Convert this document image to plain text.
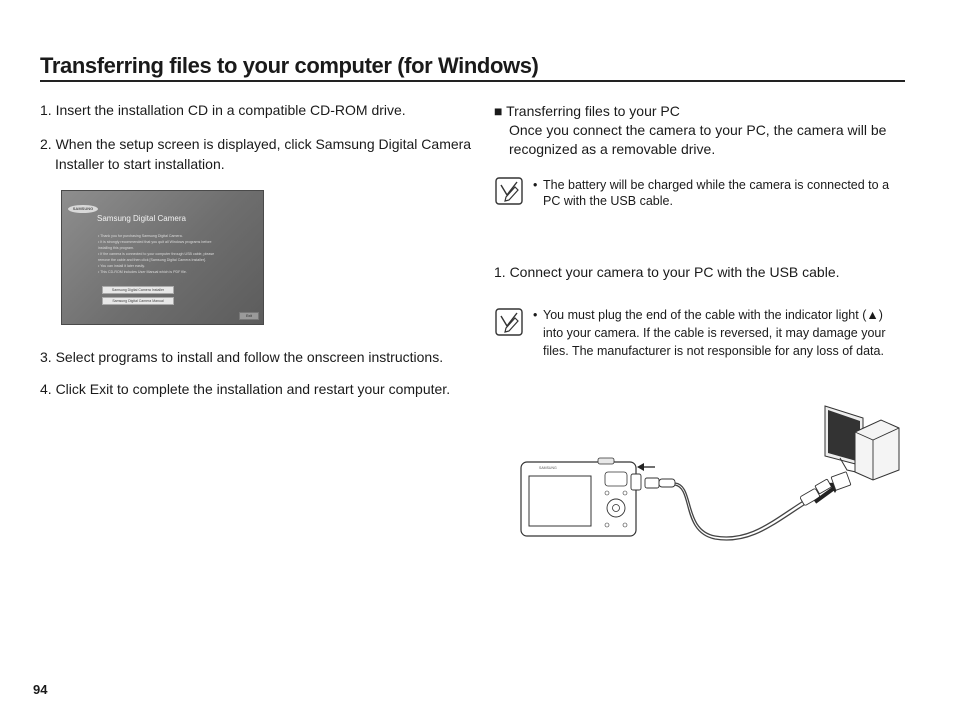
Transferring files to your computer (for Windows)
1. Insert the installation CD in a compatible CD-ROM drive.
2. When the setup screen is displayed, click Samsung Digital Camera
Installer to start installation.
SAMSUNG
Samsung Digital Camera
• Thank you for purchasing Samsung Digital Camera.
• It is strongly recommended that you quit all Windows programs before
installing this program.
• If the camera is connected to your computer through USB cable, please
remove the cable and then click [Samsung Digital Camera Installer].
• You can install it later easily.
• This CD-ROM includes User Manual which is PDF file.
Samsung Digital Camera Installer
Samsung Digital Camera Manual
Exit
3. Select programs to install and follow the onscreen instructions.
4. Click Exit to complete the installation and restart your computer.
■ Transferring files to your PC
Once you connect the camera to your PC, the camera will be
recognized as a removable drive.
• The battery will be charged while the camera is connected to a
PC with the USB cable.
1. Connect your camera to your PC with the USB cable.
• You must plug the end of the cable with the indicator light (▲)
into your camera. If the cable is reversed, it may damage your
files. The manufacturer is not responsible for any loss of data.
SAMSUNG
94
